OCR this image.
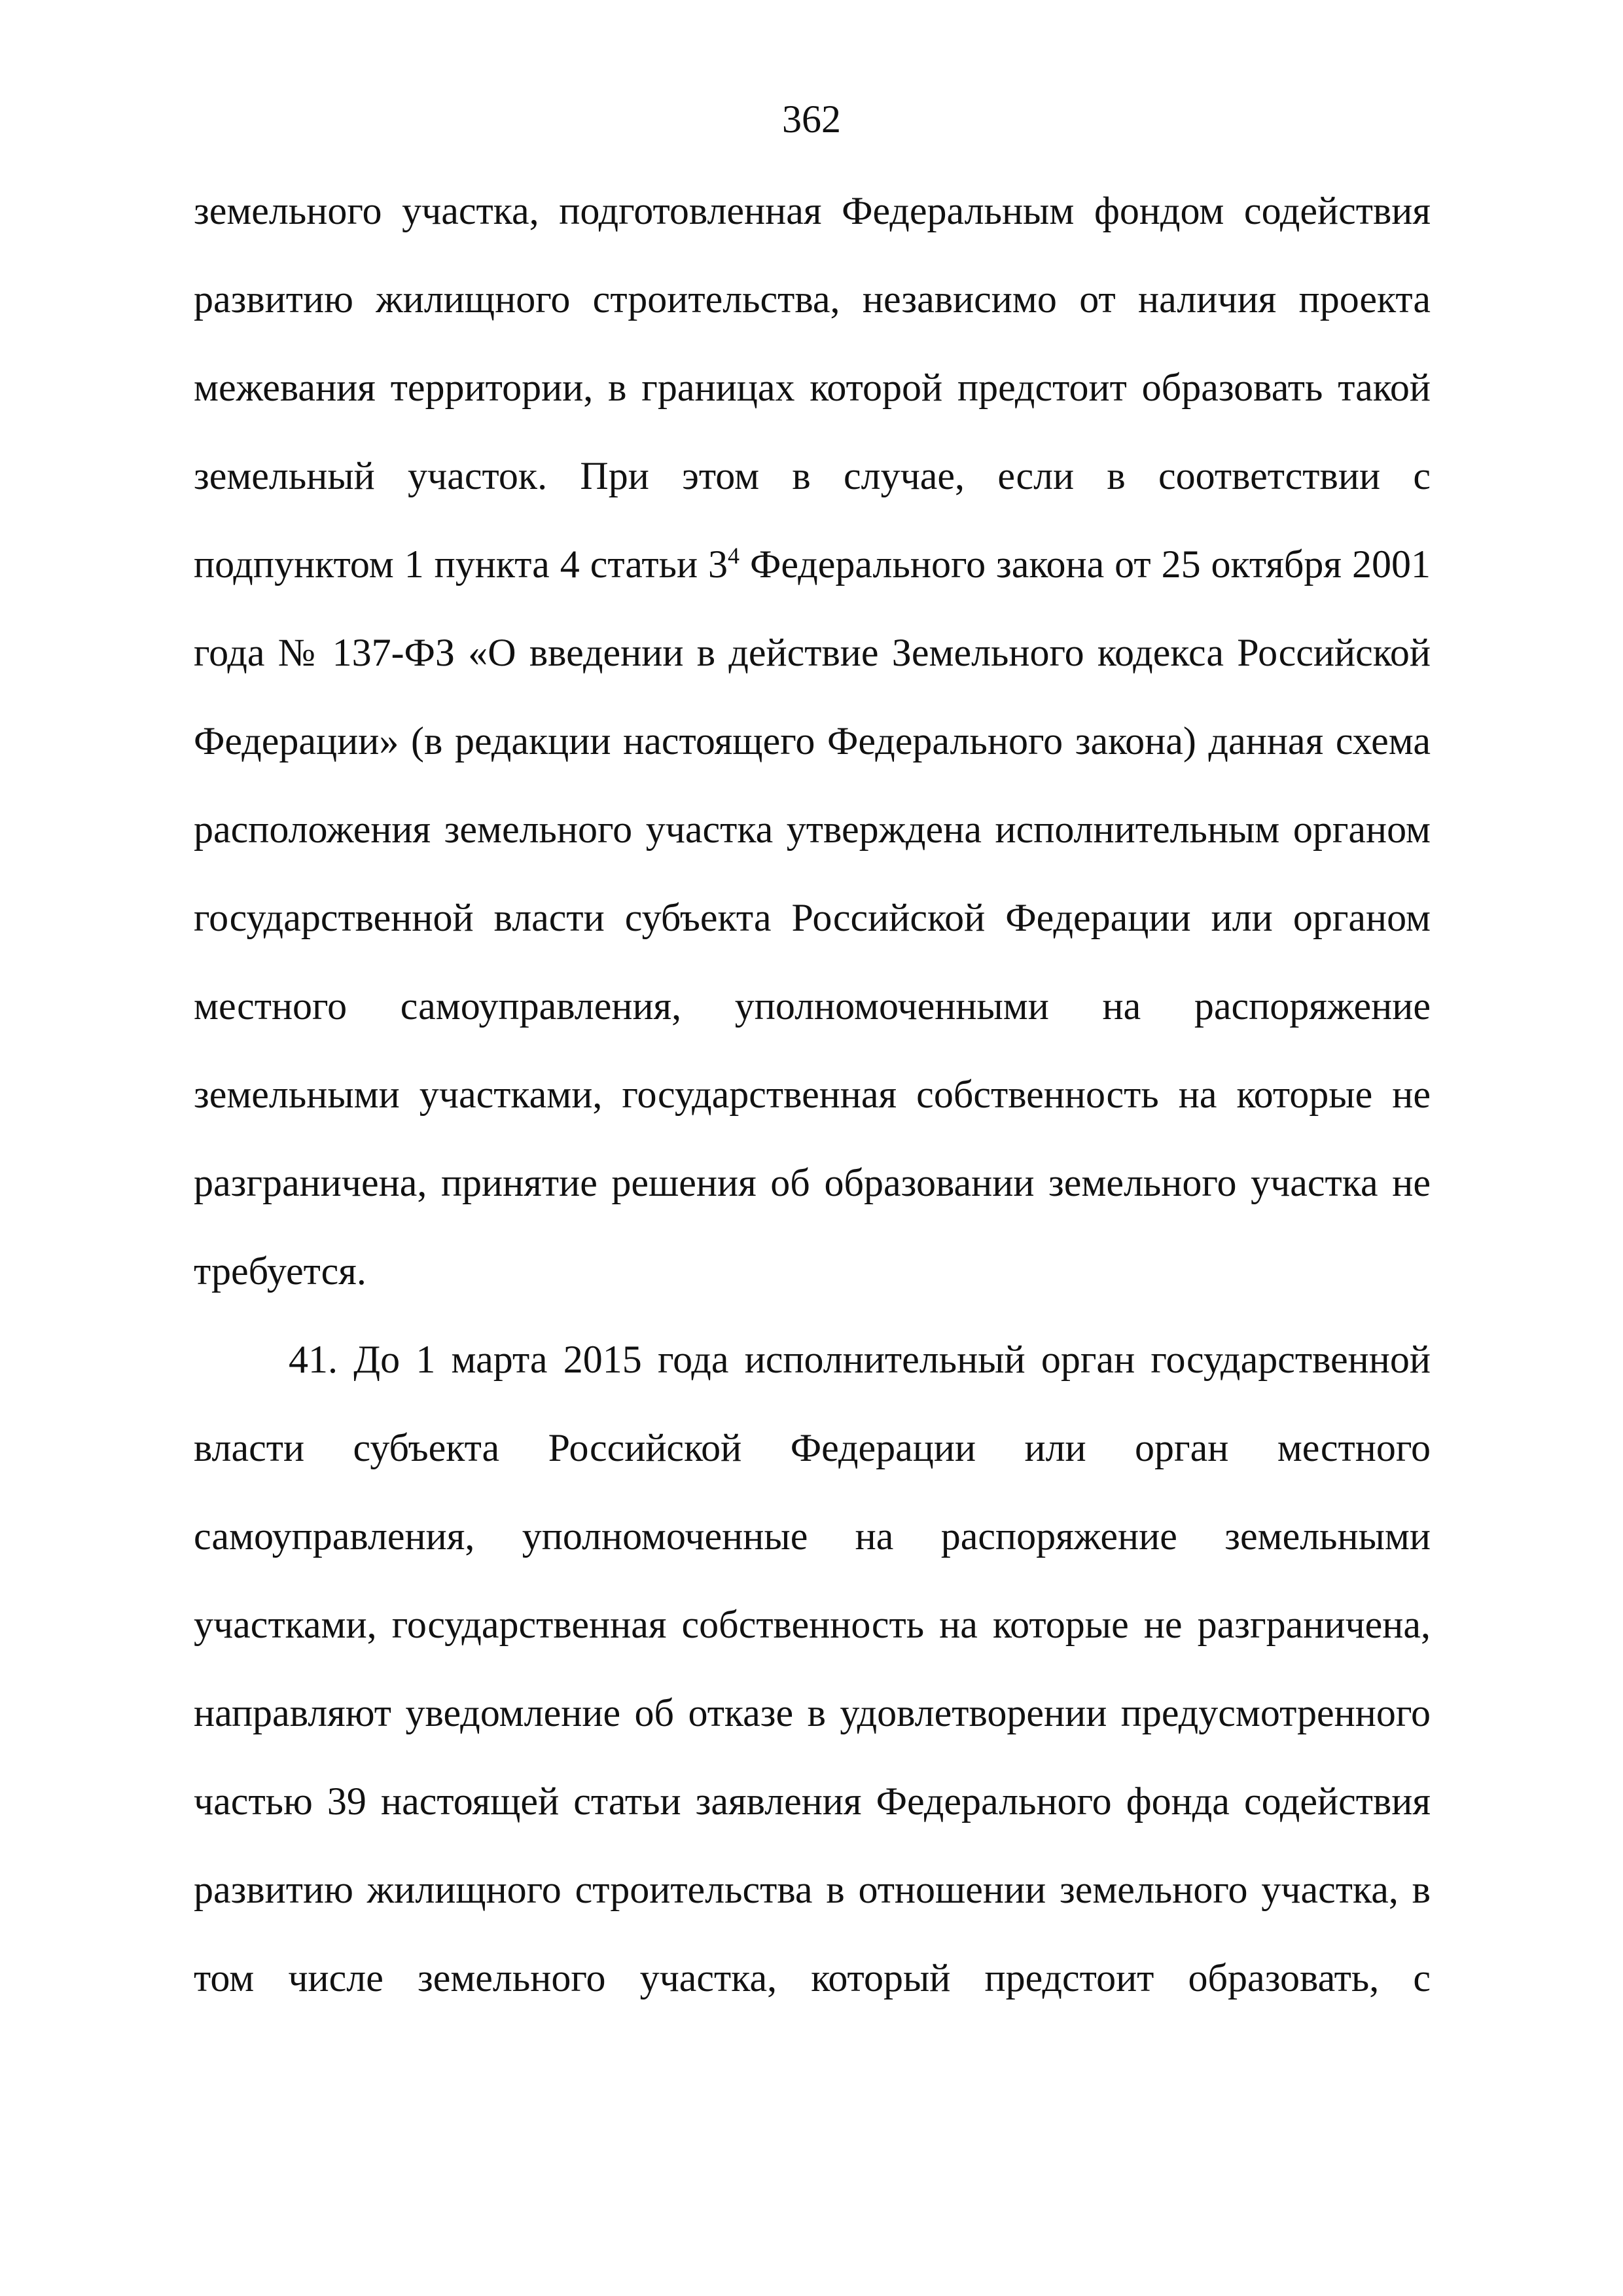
362
земельного участка, подготовленная Федеральным фондом содействия
развитию жилищного строительства, независимо от наличия проекта
межевания территории, в границах которой предстоит образовать такой
земельный участок. При этом в случае, если в соответствии с
подпунктом 1 пункта 4 статьи $3^4$ Федерального закона от 25 октября 2001
года № 137-ФЗ «О введении в действие Земельного кодекса Российской
Федерации» (в редакции настоящего Федерального закона) данная схема
расположения земельного участка утверждена исполнительным органом
государственной власти субъекта Российской Федерации или органом
местного самоуправления, уполномоченными на распоряжение
земельными участками, государственная собственность на которые не
разграничена, принятие решения об образовании земельного участка не
требуется.
41. До 1 марта 2015 года исполнительный орган государственной
власти субъекта Российской Федерации или орган местного
самоуправления, уполномоченные на распоряжение земельными
участками, государственная собственность на которые не разграничена,
направляют уведомление об отказе в удовлетворении предусмотренного
частью 39 настоящей статьи заявления Федерального фонда содействия
развитию жилищного строительства в отношении земельного участка, в
том числе земельного участка, который предстоит образовать, с
